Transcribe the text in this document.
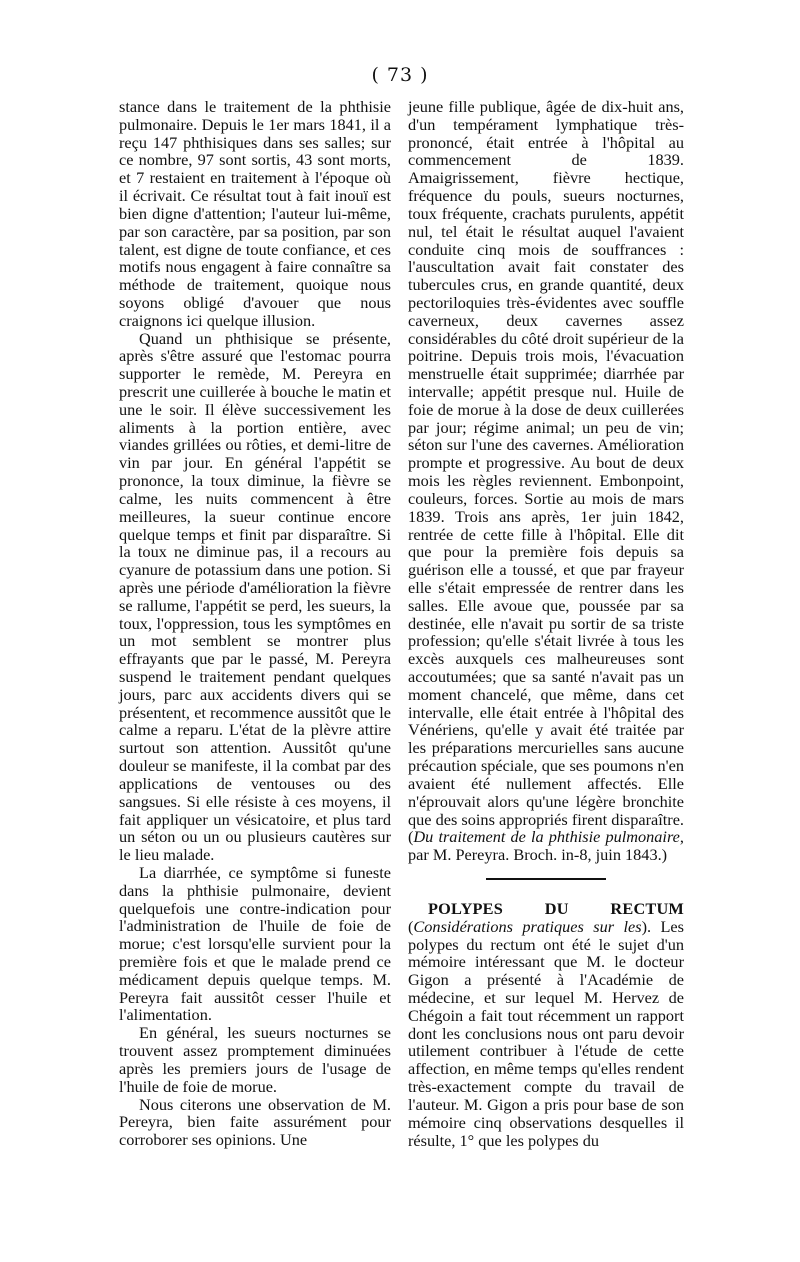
( 73 )

stance dans le traitement de la phthisie pulmonaire. Depuis le 1er mars 1841, il a reçu 147 phthisiques dans ses salles; sur ce nombre, 97 sont sortis, 43 sont morts, et 7 restaient en traitement à l'époque où il écrivait. Ce résultat tout à fait inouï est bien digne d'attention; l'auteur lui-même, par son caractère, par sa position, par son talent, est digne de toute confiance, et ces motifs nous engagent à faire connaître sa méthode de traitement, quoique nous soyons obligé d'avouer que nous craignons ici quelque illusion.

Quand un phthisique se présente, après s'être assuré que l'estomac pourra supporter le remède, M. Pereyra en prescrit une cuillerée à bouche le matin et une le soir. Il élève successivement les aliments à la portion entière, avec viandes grillées ou rôties, et demi-litre de vin par jour. En général l'appétit se prononce, la toux diminue, la fièvre se calme, les nuits commencent à être meilleures, la sueur continue encore quelque temps et finit par disparaître. Si la toux ne diminue pas, il a recours au cyanure de potassium dans une potion. Si après une période d'amélioration la fièvre se rallume, l'appétit se perd, les sueurs, la toux, l'oppression, tous les symptômes en un mot semblent se montrer plus effrayants que par le passé, M. Pereyra suspend le traitement pendant quelques jours, parc aux accidents divers qui se présentent, et recommence aussitôt que le calme a reparu. L'état de la plèvre attire surtout son attention. Aussitôt qu'une douleur se manifeste, il la combat par des applications de ventouses ou des sangsues. Si elle résiste à ces moyens, il fait appliquer un vésicatoire, et plus tard un séton ou un ou plusieurs cautères sur le lieu malade.

La diarrhée, ce symptôme si funeste dans la phthisie pulmonaire, devient quelquefois une contre-indication pour l'administration de l'huile de foie de morue; c'est lorsqu'elle survient pour la première fois et que le malade prend ce médicament depuis quelque temps. M. Pereyra fait aussitôt cesser l'huile et l'alimentation.

En général, les sueurs nocturnes se trouvent assez promptement diminuées après les premiers jours de l'usage de l'huile de foie de morue.

Nous citerons une observation de M. Pereyra, bien faite assurément pour corroborer ses opinions. Une

jeune fille publique, âgée de dix-huit ans, d'un tempérament lymphatique très-prononcé, était entrée à l'hôpital au commencement de 1839. Amaigrissement, fièvre hectique, fréquence du pouls, sueurs nocturnes, toux fréquente, crachats purulents, appétit nul, tel était le résultat auquel l'avaient conduite cinq mois de souffrances : l'auscultation avait fait constater des tubercules crus, en grande quantité, deux pectoriloquies très-évidentes avec souffle caverneux, deux cavernes assez considérables du côté droit supérieur de la poitrine. Depuis trois mois, l'évacuation menstruelle était supprimée; diarrhée par intervalle; appétit presque nul. Huile de foie de morue à la dose de deux cuillerées par jour; régime animal; un peu de vin; séton sur l'une des cavernes. Amélioration prompte et progressive. Au bout de deux mois les règles reviennent. Embonpoint, couleurs, forces. Sortie au mois de mars 1839. Trois ans après, 1er juin 1842, rentrée de cette fille à l'hôpital. Elle dit que pour la première fois depuis sa guérison elle a toussé, et que par frayeur elle s'était empressée de rentrer dans les salles. Elle avoue que, poussée par sa destinée, elle n'avait pu sortir de sa triste profession; qu'elle s'était livrée à tous les excès auxquels ces malheureuses sont accoutumées; que sa santé n'avait pas un moment chancelé, que même, dans cet intervalle, elle était entrée à l'hôpital des Vénériens, qu'elle y avait été traitée par les préparations mercurielles sans aucune précaution spéciale, que ses poumons n'en avaient été nullement affectés. Elle n'éprouvait alors qu'une légère bronchite que des soins appropriés firent disparaître. (Du traitement de la phthisie pulmonaire, par M. Pereyra. Broch. in-8, juin 1843.)

POLYPES DU RECTUM (Considérations pratiques sur les). Les polypes du rectum ont été le sujet d'un mémoire intéressant que M. le docteur Gigon a présenté à l'Académie de médecine, et sur lequel M. Hervez de Chégoin a fait tout récemment un rapport dont les conclusions nous ont paru devoir utilement contribuer à l'étude de cette affection, en même temps qu'elles rendent très-exactement compte du travail de l'auteur. M. Gigon a pris pour base de son mémoire cinq observations desquelles il résulte, 1° que les polypes du
